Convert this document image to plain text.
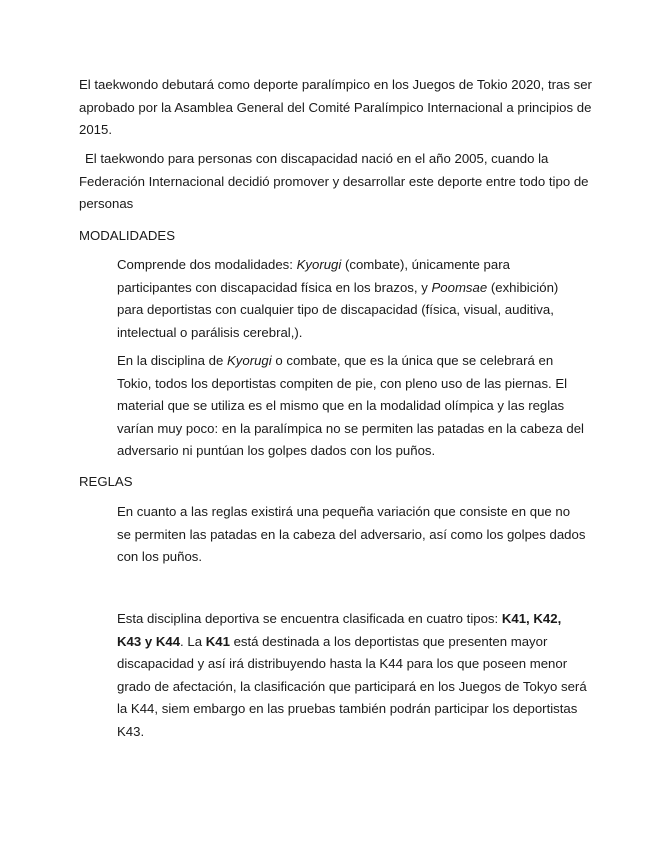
El taekwondo debutará como deporte paralímpico en los Juegos de Tokio 2020, tras ser aprobado por la Asamblea General del Comité Paralímpico Internacional a principios de 2015.

El taekwondo para personas con discapacidad nació en el año 2005, cuando la Federación Internacional decidió promover y desarrollar este deporte entre todo tipo de personas

MODALIDADES

Comprende dos modalidades: Kyorugi (combate), únicamente para participantes con discapacidad física en los brazos, y Poomsae (exhibición) para deportistas con cualquier tipo de discapacidad (física, visual, auditiva, intelectual o parálisis cerebral,).

En la disciplina de Kyorugi o combate, que es la única que se celebrará en Tokio, todos los deportistas compiten de pie, con pleno uso de las piernas. El material que se utiliza es el mismo que en la modalidad olímpica y las reglas varían muy poco: en la paralímpica no se permiten las patadas en la cabeza del adversario ni puntúan los golpes dados con los puños.

REGLAS

En cuanto a las reglas existirá una pequeña variación que consiste en que no se permiten las patadas en la cabeza del adversario, así como los golpes dados con los puños.

Esta disciplina deportiva se encuentra clasificada en cuatro tipos: K41, K42, K43 y K44. La K41 está destinada a los deportistas que presenten mayor discapacidad y así irá distribuyendo hasta la K44 para los que poseen menor grado de afectación, la clasificación que participará en los Juegos de Tokyo será la K44, siem embargo en las pruebas también podrán participar los deportistas K43.
